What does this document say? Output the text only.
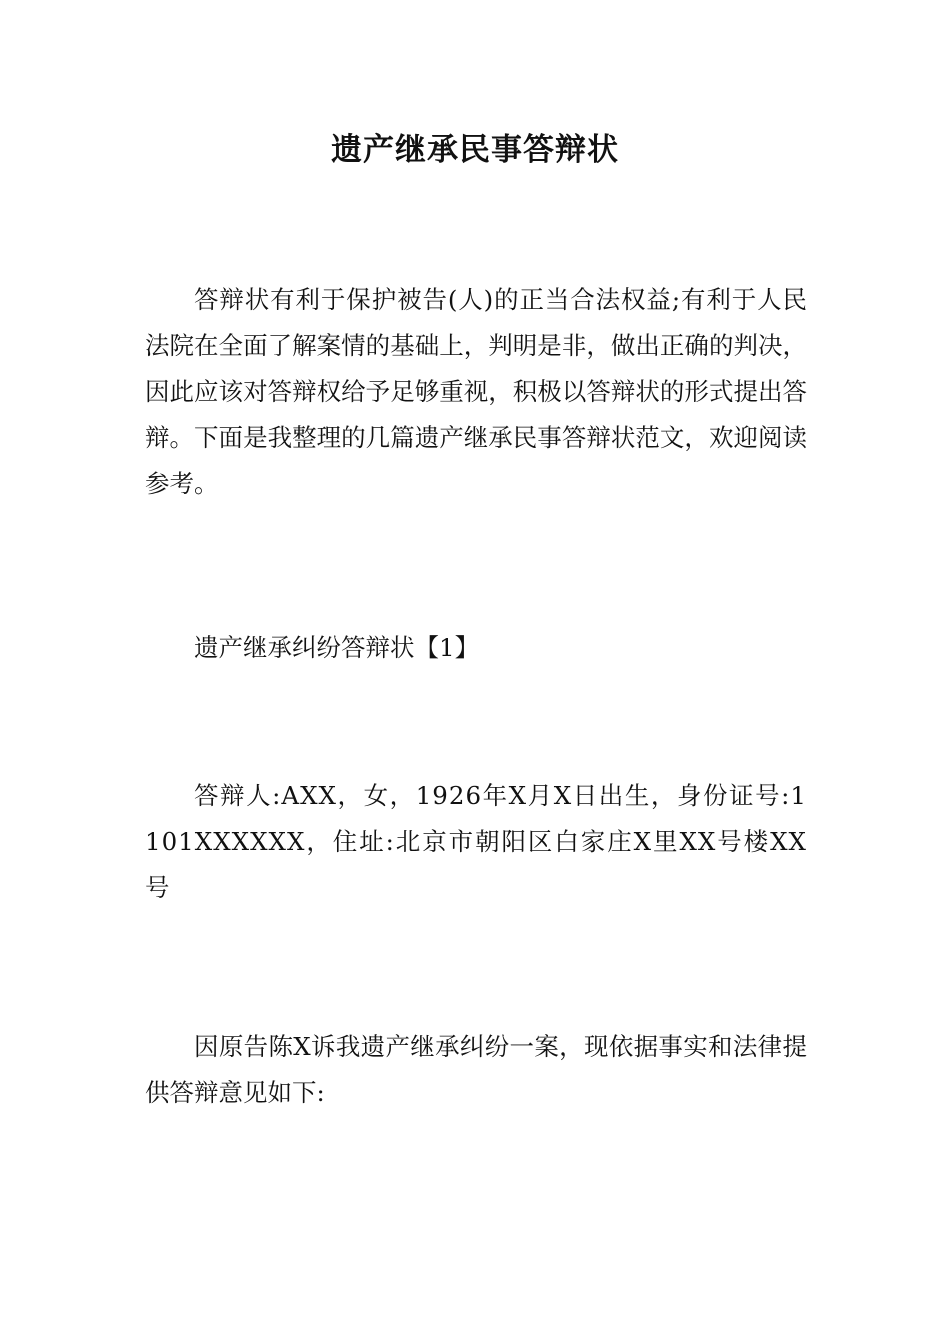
遗产继承民事答辩状

答辩状有利于保护被告(人)的正当合法权益;有利于人民法院在全面了解案情的基础上，判明是非，做出正确的判决，因此应该对答辩权给予足够重视，积极以答辩状的形式提出答辩。下面是我整理的几篇遗产继承民事答辩状范文，欢迎阅读参考。

遗产继承纠纷答辩状【1】

答辩人:AXX，女，1926年X月X日出生，身份证号:1101XXXXXX，住址:北京市朝阳区白家庄X里XX号楼XX号

因原告陈X诉我遗产继承纠纷一案，现依据事实和法律提供答辩意见如下:
